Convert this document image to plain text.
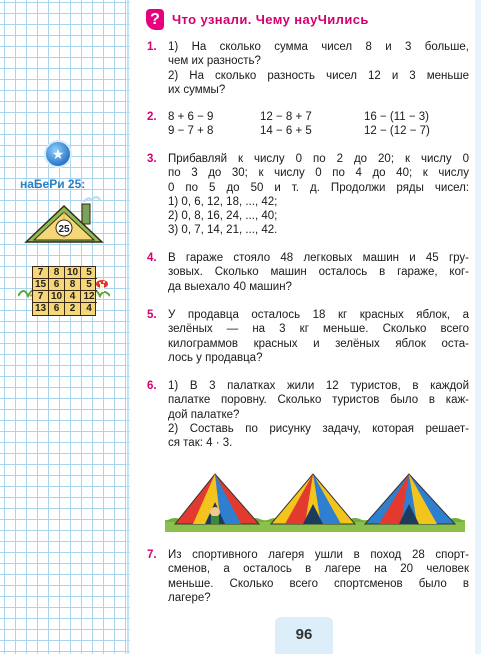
? Что узнали. Чему науЧились
★
наБеРи 25:
25
7	8 10 5
15 6	8	5
7 10 4 12
13 6	2	4
1. 1) На сколько сумма чисел 8 и 3 больше,
чем их разность?
2) На сколько разность чисел 12 и 3 меньше
их суммы?
2. 8 + 6 − 9	12 − 8 + 7	16 − (11 − 3)
9 − 7 + 8	14 − 6 + 5	12 − (12 − 7)
3. Прибавляй к числу 0 по 2 до 20; к числу 0
по 3 до 30; к числу 0 по 4 до 40; к числу
0 по 5 до 50 и т. д. Продолжи ряды чисел:
1) 0, 6, 12, 18, ..., 42;
2) 0, 8, 16, 24, ..., 40;
3) 0, 7, 14, 21, ..., 42.
4. В гараже стояло 48 легковых машин и 45 гру-
зовых. Сколько машин осталось в гараже, ког-
да выехало 40 машин?
5. У продавца осталось 18 кг красных яблок, а
зелёных — на 3 кг меньше. Сколько всего
килограммов красных и зелёных яблок оста-
лось у продавца?
6. 1) В 3 палатках жили 12 туристов, в каждой
палатке поровну. Сколько туристов было в каж-
дой палатке?
2) Составь по рисунку задачу, которая решает-
ся так: 4 · 3.
7. Из спортивного лагеря ушли в поход 28 спорт-
сменов, а осталось в лагере на 20 человек
меньше. Сколько всего спортсменов было в
лагере?
96
